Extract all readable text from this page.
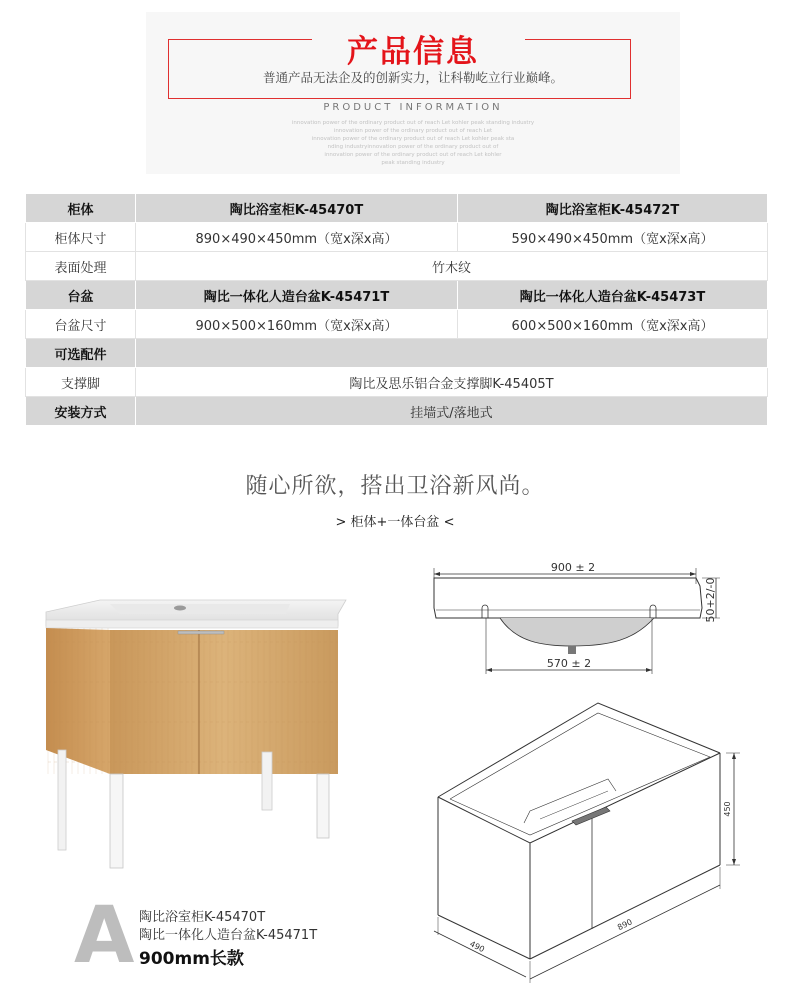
产品信息
普通产品无法企及的创新实力，让科勒屹立行业巅峰。
PRODUCT INFORMATION
innovation power of the ordinary product out of reach Let kohler peak standing industry
innovation power of the ordinary product out of reach Let
innovation power of the ordinary product out of reach Let kohler peak sta
nding industryinnovation power of the ordinary product out of
innovation power of the ordinary product out of reach Let kohler
peak standing industry
柜体	陶比浴室柜K-45470T	陶比浴室柜K-45472T
柜体尺寸	890×490×450mm（宽x深x高）	590×490×450mm（宽x深x高）
表面处理	竹木纹	
台盆	陶比一体化人造台盆K-45471T	陶比一体化人造台盆K-45473T
台盆尺寸	900×500×160mm（宽x深x高）	600×500×160mm（宽x深x高）
可选配件		
支撑脚	陶比及思乐铝合金支撑脚K-45405T	
安装方式	挂墙式/落地式	
随心所欲，搭出卫浴新风尚。
> 柜体+一体台盆 <
A 陶比浴室柜K-45470T
陶比一体化人造台盆K-45471T
900mm长款
900 ± 2
570 ± 2
50+2/-0
450
890
490
